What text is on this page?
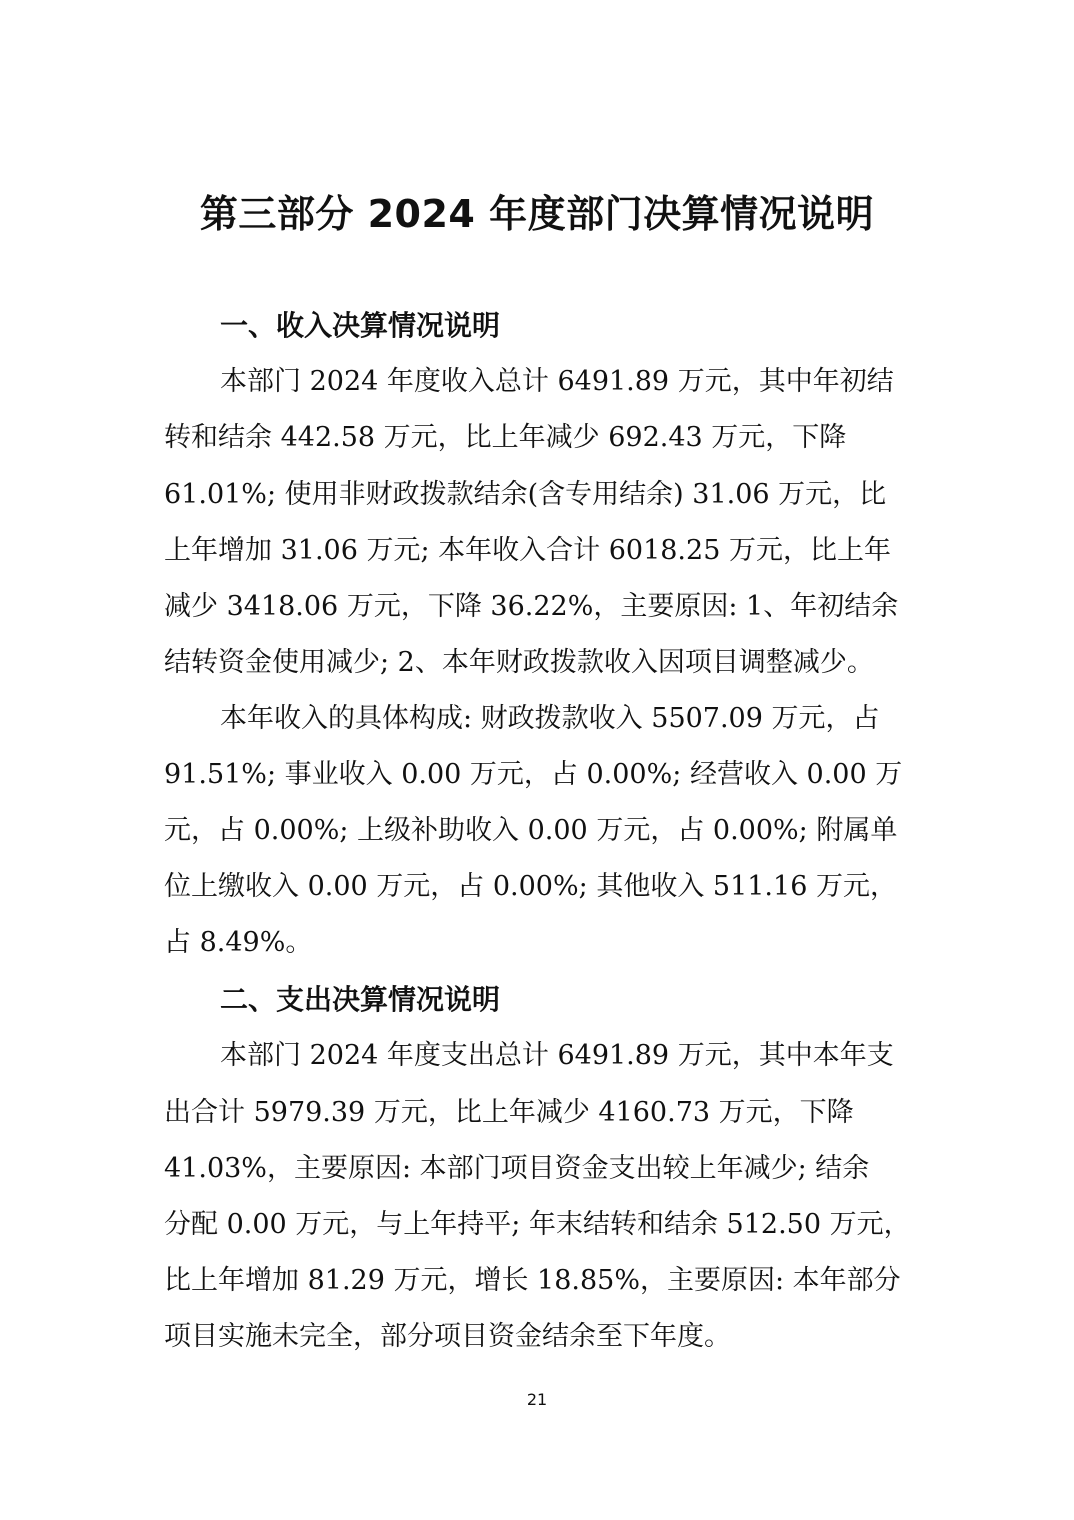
第三部分 2024 年度部门决算情况说明
一、收入决算情况说明

本部门 2024 年度收入总计 6491.89 万元，其中年初结

转和结余 442.58 万元，比上年减少 692.43 万元，下降

61.01%; 使用非财政拨款结余(含专用结余) 31.06 万元，比

上年增加 31.06 万元; 本年收入合计 6018.25 万元，比上年

减少 3418.06 万元，下降 36.22%，主要原因: 1、年初结余

结转资金使用减少; 2、本年财政拨款收入因项目调整减少。

本年收入的具体构成: 财政拨款收入 5507.09 万元，占

91.51%; 事业收入 0.00 万元，占 0.00%; 经营收入 0.00 万

元，占 0.00%; 上级补助收入 0.00 万元，占 0.00%; 附属单

位上缴收入 0.00 万元，占 0.00%; 其他收入 511.16 万元，

占 8.49%。

二、支出决算情况说明

本部门 2024 年度支出总计 6491.89 万元，其中本年支

出合计 5979.39 万元，比上年减少 4160.73 万元，下降

41.03%，主要原因: 本部门项目资金支出较上年减少; 结余

分配 0.00 万元，与上年持平; 年末结转和结余 512.50 万元，

比上年增加 81.29 万元，增长 18.85%，主要原因: 本年部分

项目实施未完全，部分项目资金结余至下年度。

21
